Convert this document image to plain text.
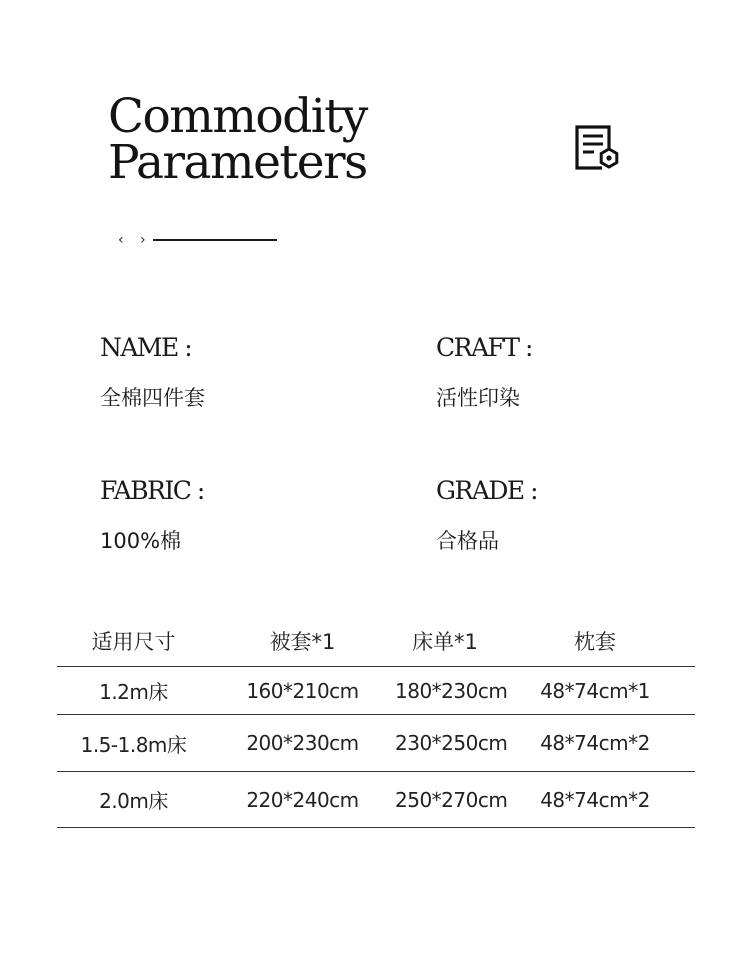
Commodity
Parameters
‹ ›
NAME :
全棉四件套
CRAFT :
活性印染
FABRIC :
100%棉
GRADE :
合格品
适用尺寸	被套*1	床单*1	枕套
1.2m床	160*210cm	180*230cm	48*74cm*1
1.5-1.8m床	200*230cm	230*250cm	48*74cm*2
2.0m床	220*240cm	250*270cm	48*74cm*2
